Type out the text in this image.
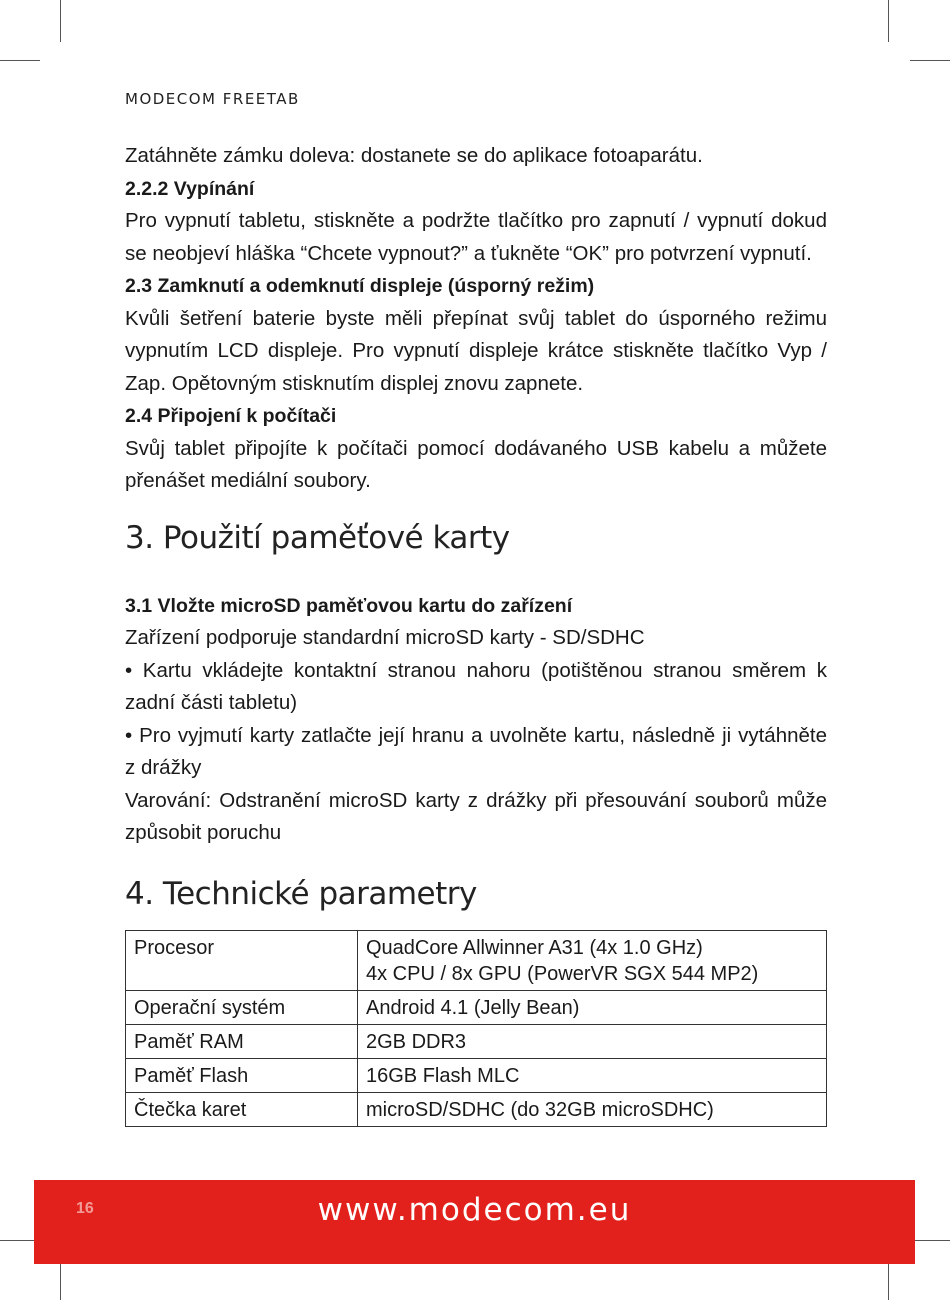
MODECOM FREETAB

Zatáhněte zámku doleva: dostanete se do aplikace fotoaparátu.

2.2.2 Vypínání

Pro vypnutí tabletu, stiskněte a podržte tlačítko pro zapnutí / vypnutí dokud se neobjeví hláška “Chcete vypnout?” a ťukněte “OK” pro potvrzení vypnutí.

2.3 Zamknutí a odemknutí displeje (úsporný režim)

Kvůli šetření baterie byste měli přepínat svůj tablet do úsporného režimu vypnutím LCD displeje. Pro vypnutí displeje krátce stiskněte tlačítko Vyp / Zap. Opětovným stisknutím displej znovu zapnete.

2.4 Připojení k počítači

Svůj tablet připojíte k počítači pomocí dodávaného USB kabelu a můžete přenášet mediální soubory.

3. Použití paměťové karty

3.1 Vložte microSD paměťovou kartu do zařízení

Zařízení podporuje standardní microSD karty - SD/SDHC

• Kartu vkládejte kontaktní stranou nahoru (potištěnou stranou směrem k zadní části tabletu)

• Pro vyjmutí karty zatlačte její hranu a uvolněte kartu, následně ji vytáhněte z drážky

Varování: Odstranění microSD karty z drážky při přesouvání souborů může způsobit poruchu

4. Technické parametry
Procesor	QuadCore Allwinner A31 (4x 1.0 GHz)
4x CPU / 8x GPU (PowerVR SGX 544 MP2)

Operační systém	Android 4.1 (Jelly Bean)
Paměť RAM	2GB DDR3
Paměť Flash	16GB Flash MLC
Čtečka karet	microSD/SDHC (do 32GB microSDHC)
16	www.modecom.eu
